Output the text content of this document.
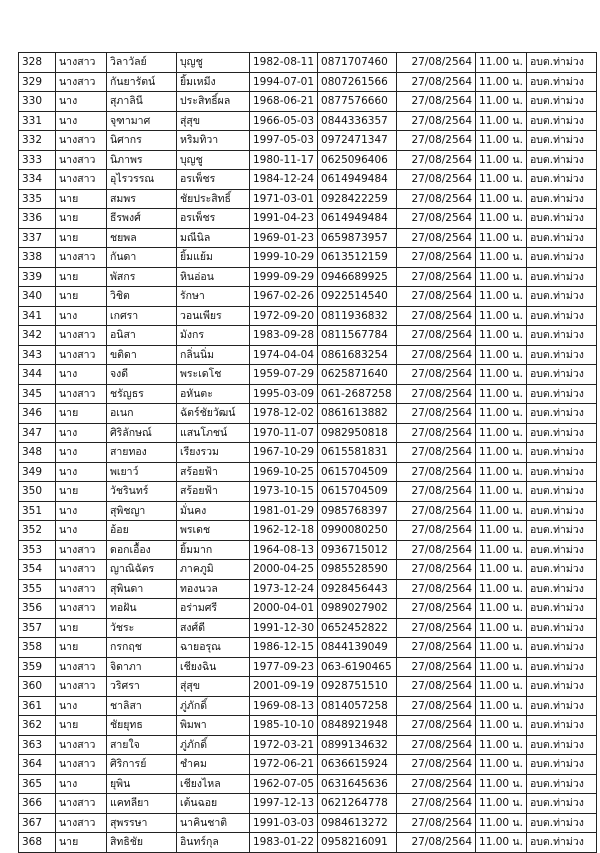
328	นางสาว	วิลาวัลย์	บุญชู	1982-08-11	0871707460	27/08/2564	11.00 น.	อบต.ท่าม่วง
329	นางสาว	กันยารัตน์	ยิ้มเหมีง	1994-07-01	0807261566	27/08/2564	11.00 น.	อบต.ท่าม่วง
330	นาง	สุภาลินี	ประสิทธิ์ผล	1968-06-21	0877576660	27/08/2564	11.00 น.	อบต.ท่าม่วง
331	นาง	จุฑามาศ	สุ่สุข	1966-05-03	0844336357	27/08/2564	11.00 น.	อบต.ท่าม่วง
332	นางสาว	นิศากร	หริมทิวา	1997-05-03	0972471347	27/08/2564	11.00 น.	อบต.ท่าม่วง
333	นางสาว	นิภาพร	บุญชู	1980-11-17	0625096406	27/08/2564	11.00 น.	อบต.ท่าม่วง
334	นางสาว	อุไรวรรณ	อรเพ็ชร	1984-12-24	0614949484	27/08/2564	11.00 น.	อบต.ท่าม่วง
335	นาย	สมพร	ชัยประสิทธิ์	1971-03-01	0928422259	27/08/2564	11.00 น.	อบต.ท่าม่วง
336	นาย	ธีรพงศ์	อรเพ็ชร	1991-04-23	0614949484	27/08/2564	11.00 น.	อบต.ท่าม่วง
337	นาย	ชยพล	มณีนิล	1969-01-23	0659873957	27/08/2564	11.00 น.	อบต.ท่าม่วง
338	นางสาว	กันดา	ยิ้มแย้ม	1999-10-29	0613512159	27/08/2564	11.00 น.	อบต.ท่าม่วง
339	นาย	พัสกร	หินอ่อน	1999-09-29	0946689925	27/08/2564	11.00 น.	อบต.ท่าม่วง
340	นาย	วิชิต	รักษา	1967-02-26	0922514540	27/08/2564	11.00 น.	อบต.ท่าม่วง
341	นาง	เกศรา	วอนเพียร	1972-09-20	0811936832	27/08/2564	11.00 น.	อบต.ท่าม่วง
342	นางสาว	อนิสา	มังกร	1983-09-28	0811567784	27/08/2564	11.00 น.	อบต.ท่าม่วง
343	นางสาว	ขติดา	กลิ่นนิ่ม	1974-04-04	0861683254	27/08/2564	11.00 น.	อบต.ท่าม่วง
344	นาง	จงดี	พระเดโช	1959-07-29	0625871640	27/08/2564	11.00 น.	อบต.ท่าม่วง
345	นางสาว	ชรัญธร	อหันตะ	1995-03-09	061-2687258	27/08/2564	11.00 น.	อบต.ท่าม่วง
346	นาย	อเนก	ฉัตร์ชัยวัฒน์	1978-12-02	0861613882	27/08/2564	11.00 น.	อบต.ท่าม่วง
347	นาง	ศิริลักษณ์	แสนโภชน์	1970-11-07	0982950818	27/08/2564	11.00 น.	อบต.ท่าม่วง
348	นาง	สายทอง	เรียงรวม	1967-10-29	0615581831	27/08/2564	11.00 น.	อบต.ท่าม่วง
349	นาง	พเยาว์	สร้อยฟ้า	1969-10-25	0615704509	27/08/2564	11.00 น.	อบต.ท่าม่วง
350	นาย	วัชรินทร์	สร้อยฟ้า	1973-10-15	0615704509	27/08/2564	11.00 น.	อบต.ท่าม่วง
351	นาง	สุพิชญา	มั่นคง	1981-01-29	0985768397	27/08/2564	11.00 น.	อบต.ท่าม่วง
352	นาง	อ้อย	พรเดช	1962-12-18	0990080250	27/08/2564	11.00 น.	อบต.ท่าม่วง
353	นางสาว	ดอกเอื้อง	ยิ้มมาก	1964-08-13	0936715012	27/08/2564	11.00 น.	อบต.ท่าม่วง
354	นางสาว	ญาณิฉัตร	ภาคภูมิ	2000-04-25	0985528590	27/08/2564	11.00 น.	อบต.ท่าม่วง
355	นางสาว	สุพินดา	ทองนวล	1973-12-24	0928456443	27/08/2564	11.00 น.	อบต.ท่าม่วง
356	นางสาว	ทอฝัน	อร่ามศรี	2000-04-01	0989027902	27/08/2564	11.00 น.	อบต.ท่าม่วง
357	นาย	วัชระ	สงศ์ดี	1991-12-30	0652452822	27/08/2564	11.00 น.	อบต.ท่าม่วง
358	นาย	กรกฤช	ฉายอรุณ	1986-12-15	0844139049	27/08/2564	11.00 น.	อบต.ท่าม่วง
359	นางสาว	จิดาภา	เชียงฉิน	1977-09-23	063-6190465	27/08/2564	11.00 น.	อบต.ท่าม่วง
360	นางสาว	วริศรา	สุ่สุข	2001-09-19	0928751510	27/08/2564	11.00 น.	อบต.ท่าม่วง
361	นาง	ชาลิสา	ภู่ภักดิ์	1969-08-13	0814057258	27/08/2564	11.00 น.	อบต.ท่าม่วง
362	นาย	ชัยยุทธ	พิมพา	1985-10-10	0848921948	27/08/2564	11.00 น.	อบต.ท่าม่วง
363	นางสาว	สายใจ	ภู่ภักดิ์	1972-03-21	0899134632	27/08/2564	11.00 น.	อบต.ท่าม่วง
364	นางสาว	ศิริการย์	ชำคม	1972-06-21	0636615924	27/08/2564	11.00 น.	อบต.ท่าม่วง
365	นาง	ยุพิน	เชียงไหล	1962-07-05	0631645636	27/08/2564	11.00 น.	อบต.ท่าม่วง
366	นางสาว	แคทลียา	เต้นฉอย	1997-12-13	0621264778	27/08/2564	11.00 น.	อบต.ท่าม่วง
367	นางสาว	สุพรรษา	นาคินชาติ	1991-03-03	0984613272	27/08/2564	11.00 น.	อบต.ท่าม่วง
368	นาย	สิทธิชัย	อินทร์กุล	1983-01-22	0958216091	27/08/2564	11.00 น.	อบต.ท่าม่วง
